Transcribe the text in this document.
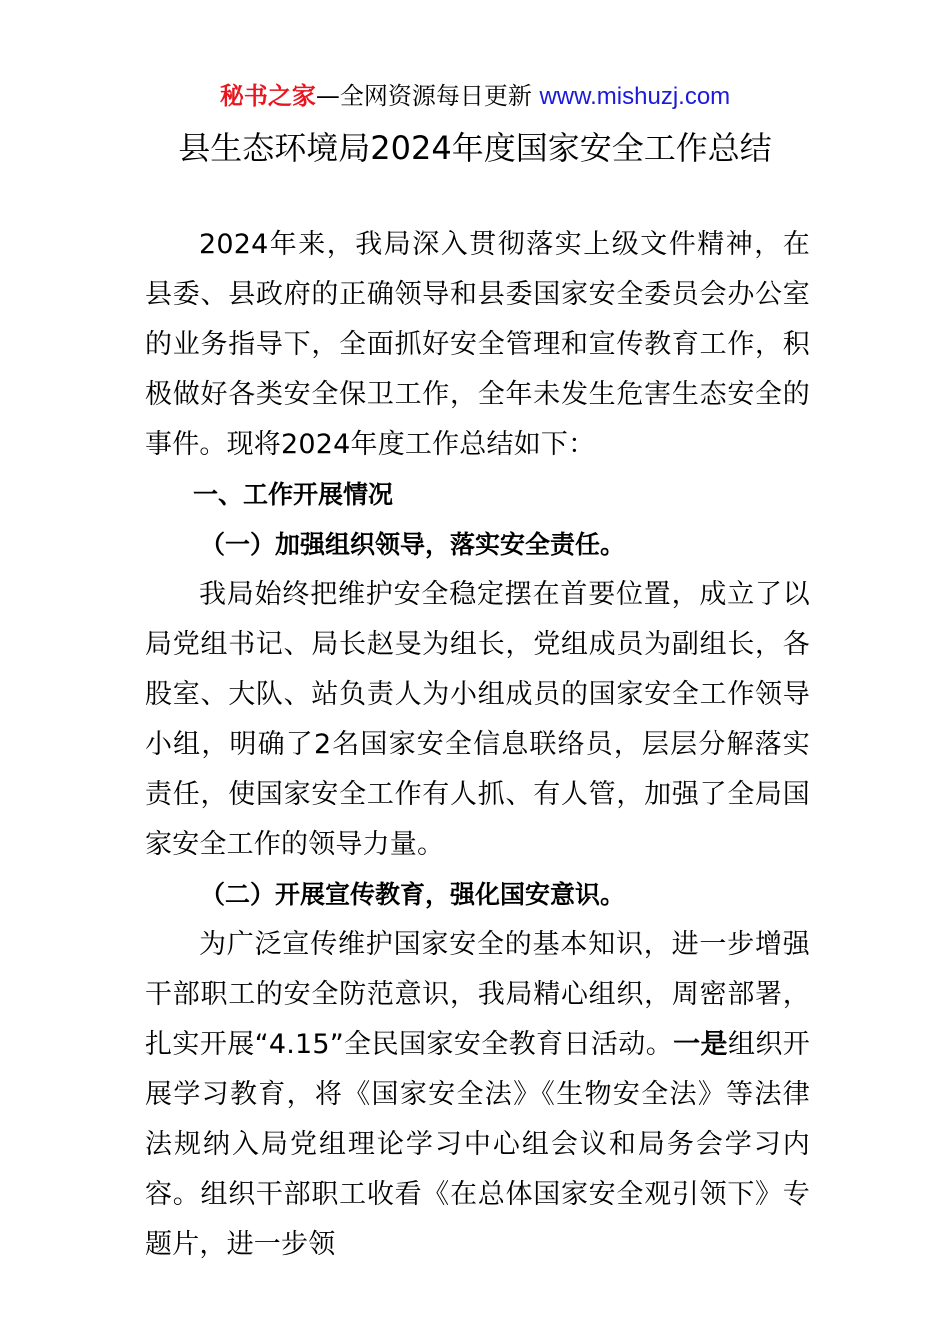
秘书之家—全网资源每日更新 www.mishuzj.com
县生态环境局2024年度国家安全工作总结

2024年来，我局深入贯彻落实上级文件精神，在县委、县政府的正确领导和县委国家安全委员会办公室的业务指导下，全面抓好安全管理和宣传教育工作，积极做好各类安全保卫工作，全年未发生危害生态安全的事件。现将2024年度工作总结如下：

一、工作开展情况

（一）加强组织领导，落实安全责任。

我局始终把维护安全稳定摆在首要位置，成立了以局党组书记、局长赵旻为组长，党组成员为副组长，各股室、大队、站负责人为小组成员的国家安全工作领导小组，明确了2名国家安全信息联络员，层层分解落实责任，使国家安全工作有人抓、有人管，加强了全局国家安全工作的领导力量。

（二）开展宣传教育，强化国安意识。

为广泛宣传维护国家安全的基本知识，进一步增强干部职工的安全防范意识，我局精心组织，周密部署，扎实开展“4.15”全民国家安全教育日活动。一是组织开展学习教育，将《国家安全法》《生物安全法》等法律法规纳入局党组理论学习中心组会议和局务会学习内容。组织干部职工收看《在总体国家安全观引领下》专题片，进一步领
